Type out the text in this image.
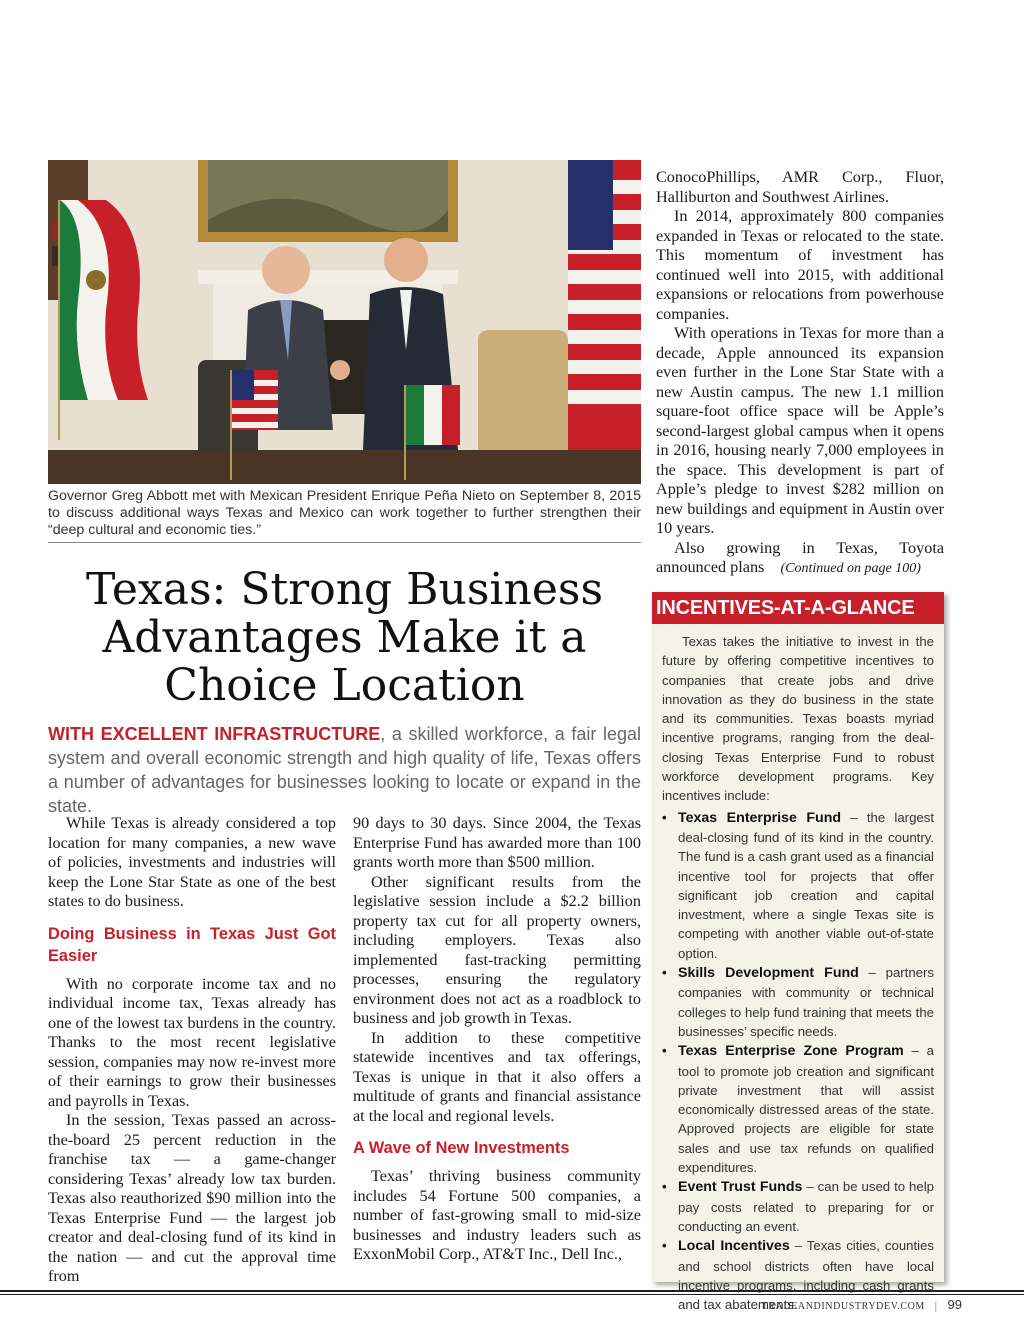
Governor Greg Abbott met with Mexican President Enrique Peña Nieto on September 8, 2015 to discuss additional ways Texas and Mexico can work together to further strengthen their “deep cultural and economic ties.”
Texas: Strong Business Advantages Make it a Choice Location
WITH EXCELLENT INFRASTRUCTURE, a skilled workforce, a fair legal system and overall economic strength and high quality of life, Texas offers a number of advantages for businesses looking to locate or expand in the state.

While Texas is already considered a top location for many companies, a new wave of policies, investments and industries will keep the Lone Star State as one of the best states to do business.

Doing Business in Texas Just Got Easier

With no corporate income tax and no individual income tax, Texas already has one of the lowest tax burdens in the country. Thanks to the most recent legislative session, companies may now re-invest more of their earnings to grow their businesses and payrolls in Texas.

In the session, Texas passed an across-the-board 25 percent reduction in the franchise tax — a game-changer considering Texas’ already low tax burden. Texas also reauthorized $90 million into the Texas Enterprise Fund — the largest job creator and deal-closing fund of its kind in the nation — and cut the approval time from

90 days to 30 days. Since 2004, the Texas Enterprise Fund has awarded more than 100 grants worth more than $500 million.

Other significant results from the legislative session include a $2.2 billion property tax cut for all property owners, including employers. Texas also implemented fast-tracking permitting processes, ensuring the regulatory environment does not act as a roadblock to business and job growth in Texas.

In addition to these competitive statewide incentives and tax offerings, Texas is unique in that it also offers a multitude of grants and financial assistance at the local and regional levels.

A Wave of New Investments

Texas’ thriving business community includes 54 Fortune 500 companies, a number of fast-growing small to mid-size businesses and industry leaders such as ExxonMobil Corp., AT&T Inc., Dell Inc.,

ConocoPhillips, AMR Corp., Fluor, Halliburton and Southwest Airlines.

In 2014, approximately 800 companies expanded in Texas or relocated to the state. This momentum of investment has continued well into 2015, with additional expansions or relocations from powerhouse companies.

With operations in Texas for more than a decade, Apple announced its expansion even further in the Lone Star State with a new Austin campus. The new 1.1 million square-foot office space will be Apple’s second-largest global campus when it opens in 2016, housing nearly 7,000 employees in the space. This development is part of Apple’s pledge to invest $282 million on new buildings and equipment in Austin over 10 years.

Also growing in Texas, Toyota announced plans (Continued on page 100)

INCENTIVES-AT-A-GLANCE

Texas takes the initiative to invest in the future by offering competitive incentives to companies that create jobs and drive innovation as they do business in the state and its communities. Texas boasts myriad incentive programs, ranging from the deal-closing Texas Enterprise Fund to robust workforce development programs. Key incentives include:

• Texas Enterprise Fund – the largest deal-closing fund of its kind in the country. The fund is a cash grant used as a financial incentive tool for projects that offer significant job creation and capital investment, where a single Texas site is competing with another viable out-of-state option.
• Skills Development Fund – partners companies with community or technical colleges to help fund training that meets the businesses’ specific needs.
• Texas Enterprise Zone Program – a tool to promote job creation and significant private investment that will assist economically distressed areas of the state. Approved projects are eligible for state sales and use tax refunds on qualified expenditures.
• Event Trust Funds – can be used to help pay costs related to preparing for or conducting an event.
• Local Incentives – Texas cities, counties and school districts often have local incentive programs, including cash grants and tax abatements.
TRADEANDINDUSTRYDEV.COM | 99
